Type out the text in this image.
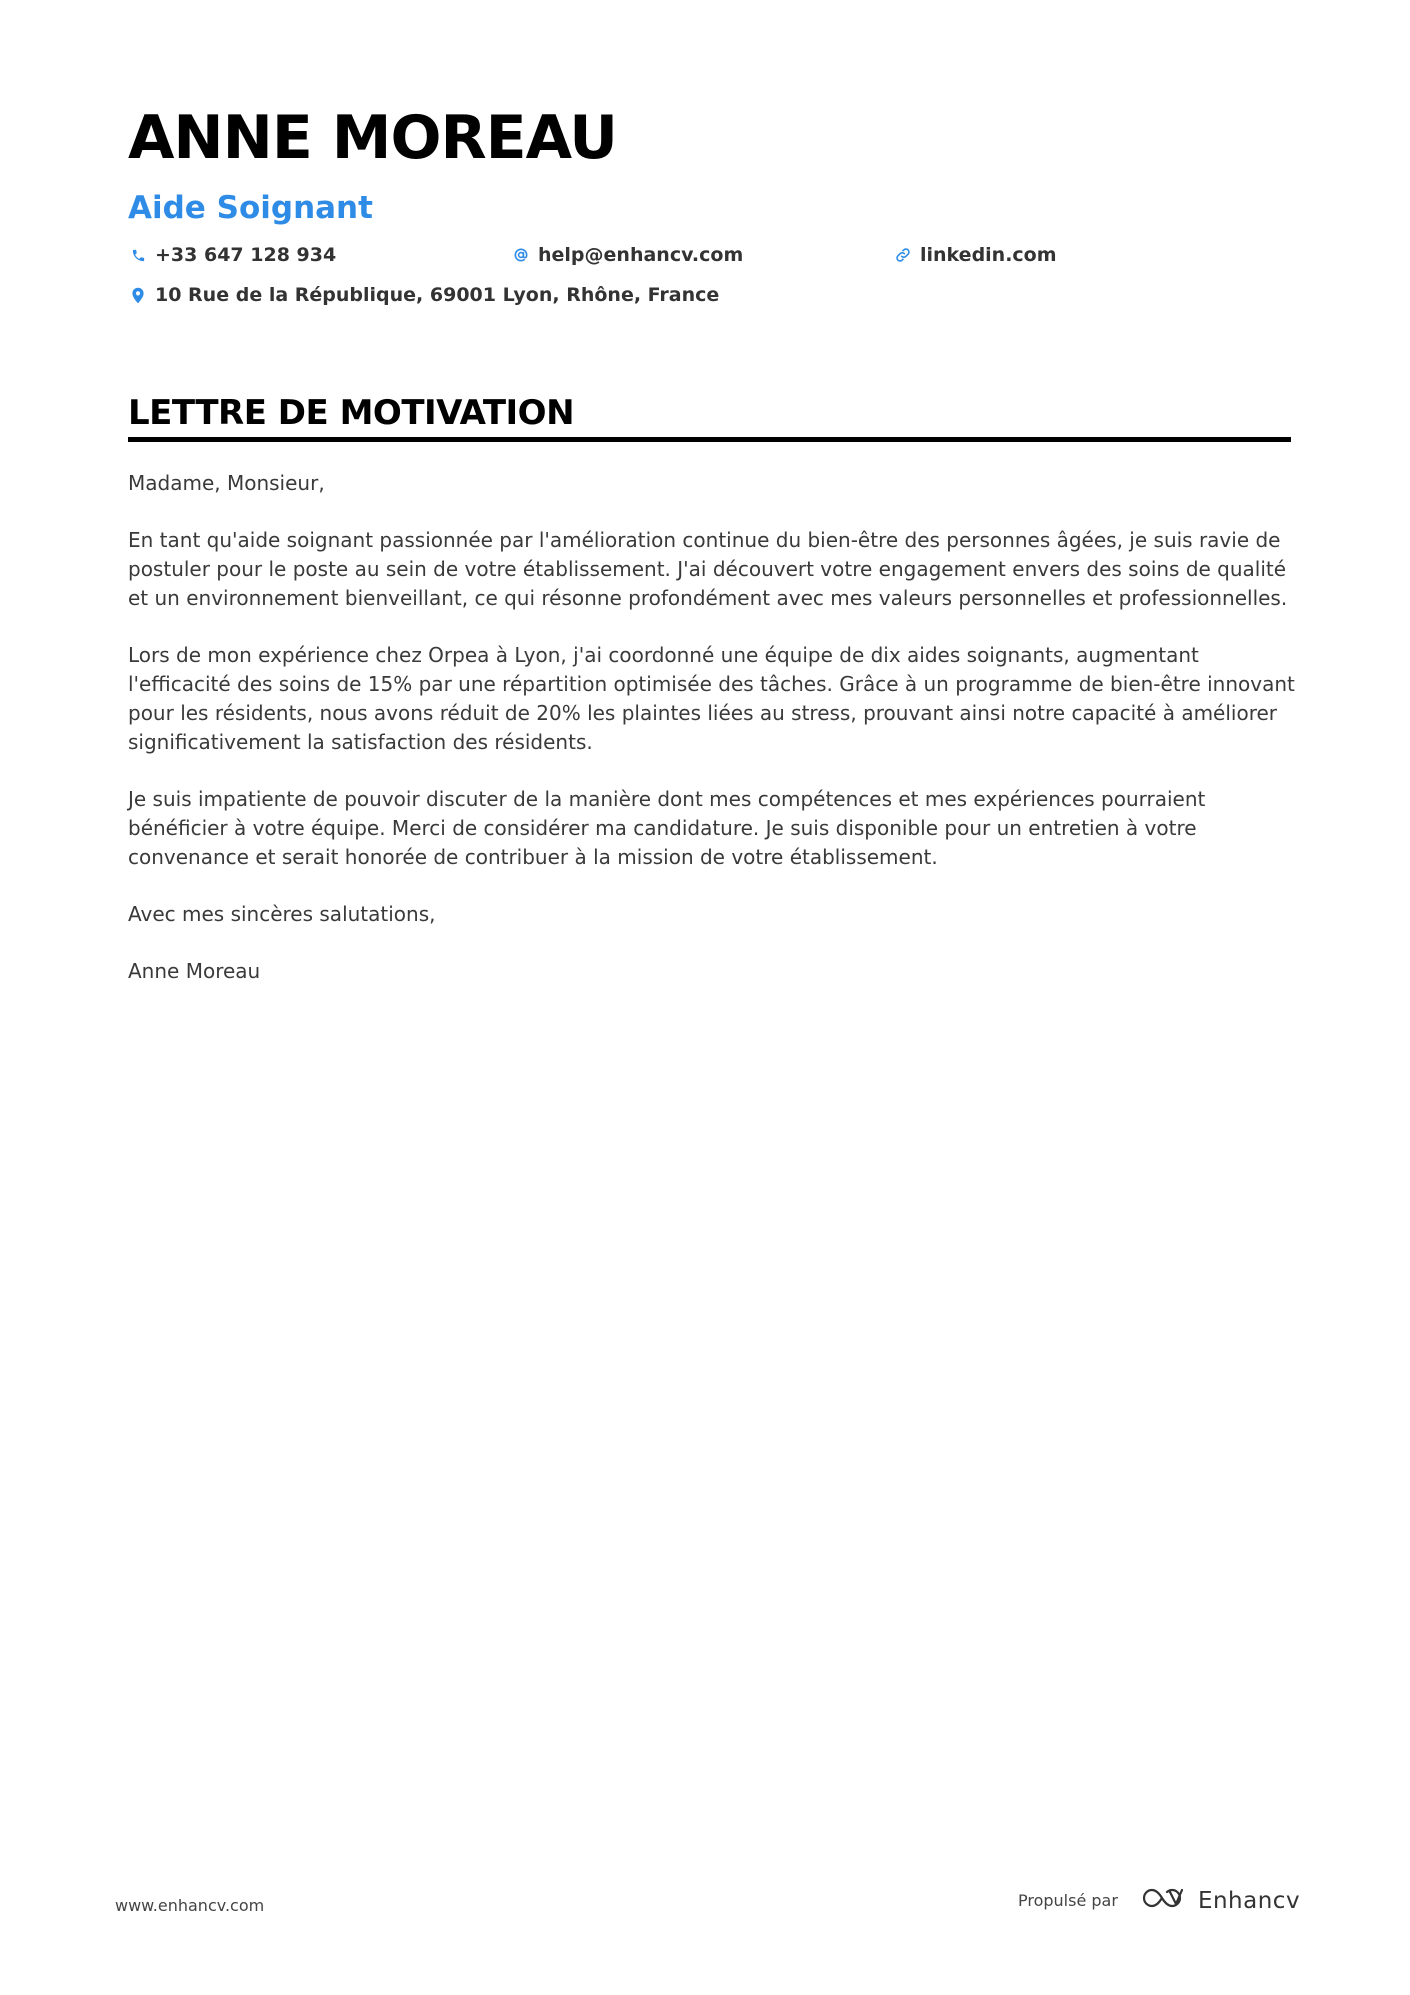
ANNE MOREAU
Aide Soignant
+33 647 128 934	help@enhancv.com	linkedin.com
10 Rue de la République, 69001 Lyon, Rhône, France
LETTRE DE MOTIVATION

Madame, Monsieur,

En tant qu'aide soignant passionnée par l'amélioration continue du bien-être des personnes âgées, je suis ravie de postuler pour le poste au sein de votre établissement. J'ai découvert votre engagement envers des soins de qualité et un environnement bienveillant, ce qui résonne profondément avec mes valeurs personnelles et professionnelles.

Lors de mon expérience chez Orpea à Lyon, j'ai coordonné une équipe de dix aides soignants, augmentant l'efficacité des soins de 15% par une répartition optimisée des tâches. Grâce à un programme de bien-être innovant pour les résidents, nous avons réduit de 20% les plaintes liées au stress, prouvant ainsi notre capacité à améliorer significativement la satisfaction des résidents.

Je suis impatiente de pouvoir discuter de la manière dont mes compétences et mes expériences pourraient bénéficier à votre équipe. Merci de considérer ma candidature. Je suis disponible pour un entretien à votre convenance et serait honorée de contribuer à la mission de votre établissement.

Avec mes sincères salutations,

Anne Moreau

www.enhancv.com	Propulsé par	Enhancv
